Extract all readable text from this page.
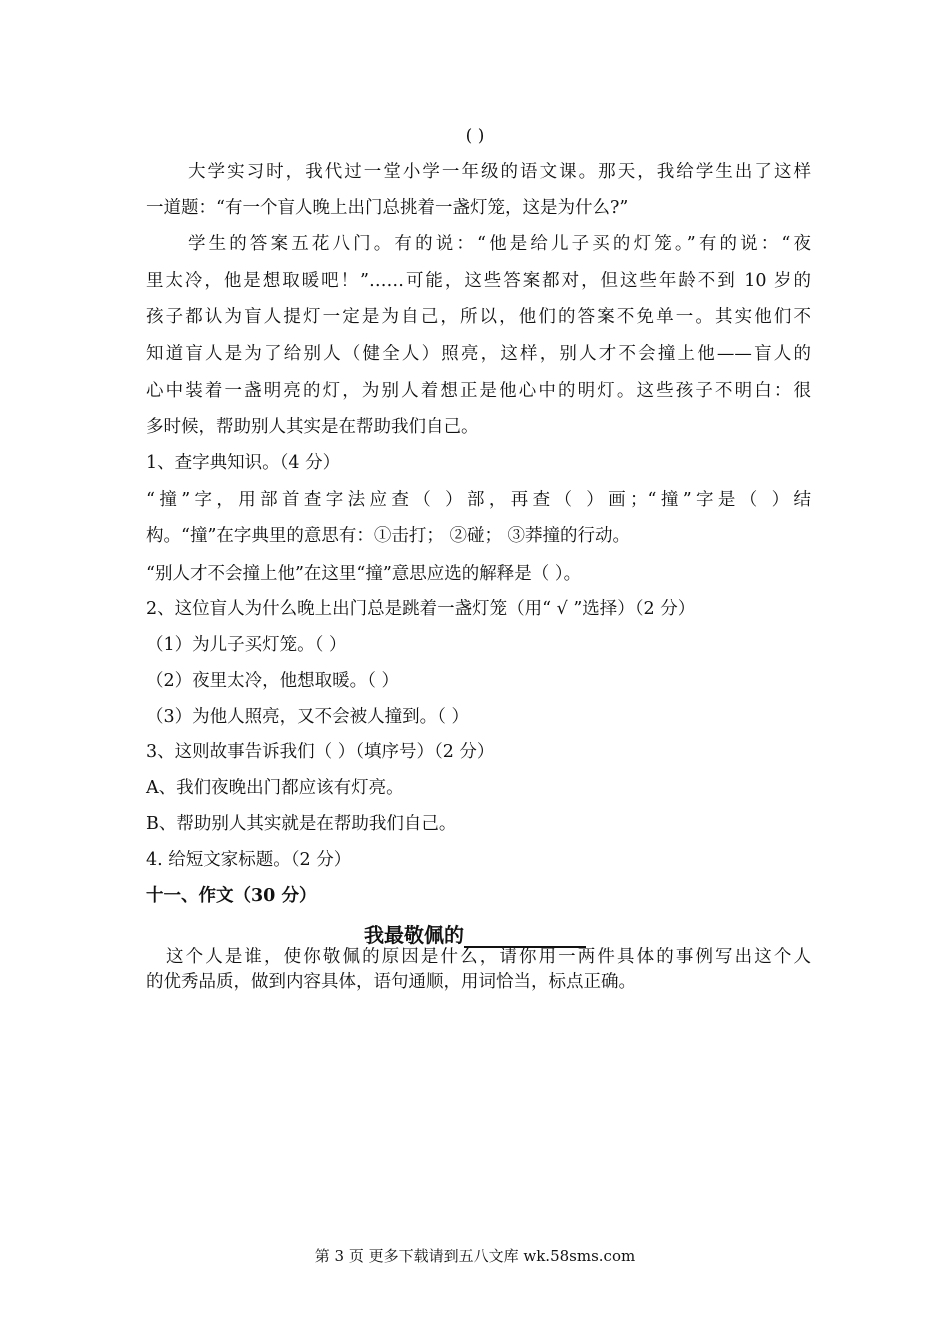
( )
大学实习时，我代过一堂小学一年级的语文课。那天，我给学生出了这样
一道题：“有一个盲人晚上出门总挑着一盏灯笼，这是为什么?”
学生的答案五花八门。有的说：“他是给儿子买的灯笼。”有的说：“夜
里太冷，他是想取暖吧！”……可能，这些答案都对，但这些年龄不到 10 岁的
孩子都认为盲人提灯一定是为自己，所以，他们的答案不免单一。其实他们不
知道盲人是为了给别人（健全人）照亮，这样，别人才不会撞上他——盲人的
心中装着一盏明亮的灯，为别人着想正是他心中的明灯。这些孩子不明白：很
多时候，帮助别人其实是在帮助我们自己。
1、查字典知识。（4 分）
“撞”字，用部首查字法应查（ ）部，再查（ ）画；“撞”字是（ ）结
构。“撞”在字典里的意思有：①击打； ②碰； ③莽撞的行动。
“别人才不会撞上他”在这里“撞”意思应选的解释是（ ）。
2、这位盲人为什么晚上出门总是跳着一盏灯笼（用“ √ ”选择）（2 分）
（1）为儿子买灯笼。（ ）
（2）夜里太冷，他想取暖。（ ）
（3）为他人照亮，又不会被人撞到。（ ）
3、这则故事告诉我们（ ）（填序号）（2 分）
A、我们夜晚出门都应该有灯亮。
B、帮助别人其实就是在帮助我们自己。
4. 给短文家标题。（2 分）
十一、作文（30 分）
我最敬佩的
这个人是谁，使你敬佩的原因是什么，请你用一两件具体的事例写出这个人
的优秀品质，做到内容具体，语句通顺，用词恰当，标点正确。
第 3 页 更多下载请到五八文库 wk.58sms.com
